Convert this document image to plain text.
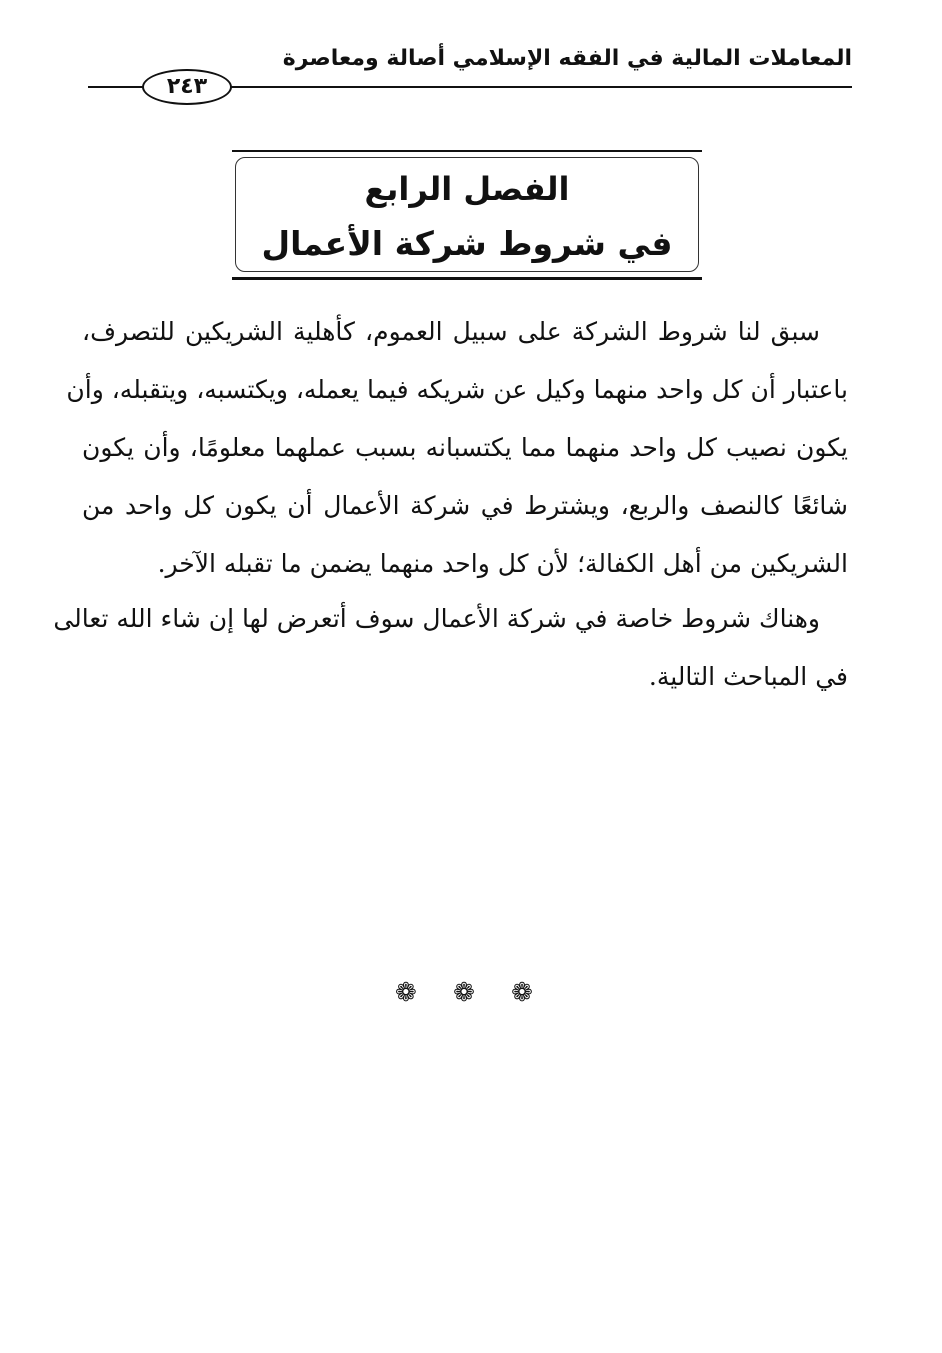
المعاملات المالية في الفقه الإسلامي أصالة ومعاصرة
٢٤٣
الفصل الرابع
في شروط شركة الأعمال

سبق لنا شروط الشركة على سبيل العموم، كأهلية الشريكين للتصرف،
باعتبار أن كل واحد منهما وكيل عن شريكه فيما يعمله، ويكتسبه، ويتقبله، وأن
يكون نصيب كل واحد منهما مما يكتسبانه بسبب عملهما معلومًا، وأن يكون
شائعًا كالنصف والربع، ويشترط في شركة الأعمال أن يكون كل واحد من
الشريكين من أهل الكفالة؛ لأن كل واحد منهما يضمن ما تقبله الآخر.

وهناك شروط خاصة في شركة الأعمال سوف أتعرض لها إن شاء الله تعالى
في المباحث التالية.

❁ ❁ ❁
